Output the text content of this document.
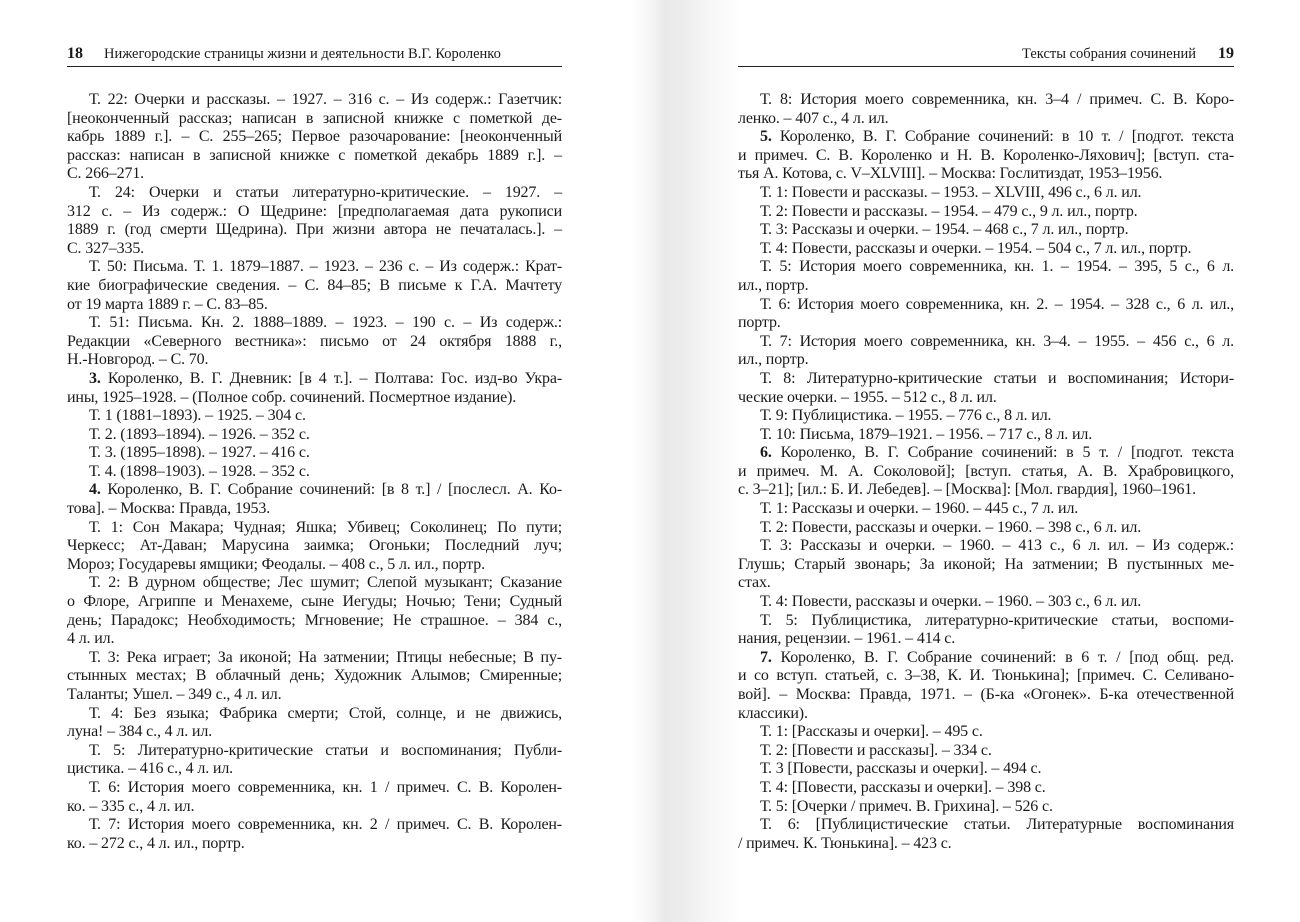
18 Нижегородские страницы жизни и деятельности В.Г. Короленко
Т. 22: Очерки и рассказы. – 1927. – 316 с. – Из содерж.: Газетчик:
[неоконченный рассказ; написан в записной книжке с пометкой де-
кабрь 1889 г.]. – С. 255–265; Первое разочарование: [неоконченный
рассказ: написан в записной книжке с пометкой декабрь 1889 г.]. –
С. 266–271.
Т. 24: Очерки и статьи литературно-критические. – 1927. –
312 с. – Из содерж.: О Щедрине: [предполагаемая дата рукописи
1889 г. (год смерти Щедрина). При жизни автора не печаталась.]. –
С. 327–335.
Т. 50: Письма. Т. 1. 1879–1887. – 1923. – 236 с. – Из содерж.: Крат-
кие биографические сведения. – С. 84–85; В письме к Г.А. Мачтету
от 19 марта 1889 г. – С. 83–85.
Т. 51: Письма. Кн. 2. 1888–1889. – 1923. – 190 с. – Из содерж.:
Редакции «Северного вестника»: письмо от 24 октября 1888 г.,
Н.-Новгород. – С. 70.
3. Короленко, В. Г. Дневник: [в 4 т.]. – Полтава: Гос. изд-во Укра-
ины, 1925–1928. – (Полное собр. сочинений. Посмертное издание).
Т. 1 (1881–1893). – 1925. – 304 с.
Т. 2. (1893–1894). – 1926. – 352 с.
Т. 3. (1895–1898). – 1927. – 416 с.
Т. 4. (1898–1903). – 1928. – 352 с.
4. Короленко, В. Г. Собрание сочинений: [в 8 т.] / [послесл. А. Ко-
това]. – Москва: Правда, 1953.
Т. 1: Сон Макара; Чудная; Яшка; Убивец; Соколинец; По пути;
Черкесс; Ат-Даван; Марусина заимка; Огоньки; Последний луч;
Мороз; Государевы ямщики; Феодалы. – 408 с., 5 л. ил., портр.
Т. 2: В дурном обществе; Лес шумит; Слепой музыкант; Сказание
о Флоре, Агриппе и Менахеме, сыне Иегуды; Ночью; Тени; Судный
день; Парадокс; Необходимость; Мгновение; Не страшное. – 384 с.,
4 л. ил.
Т. 3: Река играет; За иконой; На затмении; Птицы небесные; В пу-
стынных местах; В облачный день; Художник Алымов; Смиренные;
Таланты; Ушел. – 349 с., 4 л. ил.
Т. 4: Без языка; Фабрика смерти; Стой, солнце, и не движись,
луна! – 384 с., 4 л. ил.
Т. 5: Литературно-критические статьи и воспоминания; Публи-
цистика. – 416 с., 4 л. ил.
Т. 6: История моего современника, кн. 1 / примеч. С. В. Королен-
ко. – 335 с., 4 л. ил.
Т. 7: История моего современника, кн. 2 / примеч. С. В. Королен-
ко. – 272 с., 4 л. ил., портр.
Тексты собрания сочинений 19
Т. 8: История моего современника, кн. 3–4 / примеч. С. В. Коро-
ленко. – 407 с., 4 л. ил.
5. Короленко, В. Г. Собрание сочинений: в 10 т. / [подгот. текста
и примеч. С. В. Короленко и Н. В. Короленко-Ляхович]; [вступ. ста-
тья А. Котова, с. V–XLVIII]. – Москва: Гослитиздат, 1953–1956.
Т. 1: Повести и рассказы. – 1953. – XLVIII, 496 с., 6 л. ил.
Т. 2: Повести и рассказы. – 1954. – 479 с., 9 л. ил., портр.
Т. 3: Рассказы и очерки. – 1954. – 468 с., 7 л. ил., портр.
Т. 4: Повести, рассказы и очерки. – 1954. – 504 с., 7 л. ил., портр.
Т. 5: История моего современника, кн. 1. – 1954. – 395, 5 с., 6 л.
ил., портр.
Т. 6: История моего современника, кн. 2. – 1954. – 328 с., 6 л. ил.,
портр.
Т. 7: История моего современника, кн. 3–4. – 1955. – 456 с., 6 л.
ил., портр.
Т. 8: Литературно-критические статьи и воспоминания; Истори-
ческие очерки. – 1955. – 512 с., 8 л. ил.
Т. 9: Публицистика. – 1955. – 776 с., 8 л. ил.
Т. 10: Письма, 1879–1921. – 1956. – 717 с., 8 л. ил.
6. Короленко, В. Г. Собрание сочинений: в 5 т. / [подгот. текста
и примеч. М. А. Соколовой]; [вступ. статья, А. В. Храбровицкого,
с. 3–21]; [ил.: Б. И. Лебедев]. – [Москва]: [Мол. гвардия], 1960–1961.
Т. 1: Рассказы и очерки. – 1960. – 445 с., 7 л. ил.
Т. 2: Повести, рассказы и очерки. – 1960. – 398 с., 6 л. ил.
Т. 3: Рассказы и очерки. – 1960. – 413 с., 6 л. ил. – Из содерж.:
Глушь; Старый звонарь; За иконой; На затмении; В пустынных ме-
стах.
Т. 4: Повести, рассказы и очерки. – 1960. – 303 с., 6 л. ил.
Т. 5: Публицистика, литературно-критические статьи, воспоми-
нания, рецензии. – 1961. – 414 с.
7. Короленко, В. Г. Собрание сочинений: в 6 т. / [под общ. ред.
и со вступ. статьей, с. 3–38, К. И. Тюнькина]; [примеч. С. Селивано-
вой]. – Москва: Правда, 1971. – (Б-ка «Огонек». Б-ка отечественной
классики).
Т. 1: [Рассказы и очерки]. – 495 с.
Т. 2: [Повести и рассказы]. – 334 с.
Т. 3 [Повести, рассказы и очерки]. – 494 с.
Т. 4: [Повести, рассказы и очерки]. – 398 с.
Т. 5: [Очерки / примеч. В. Грихина]. – 526 с.
Т. 6: [Публицистические статьи. Литературные воспоминания
/ примеч. К. Тюнькина]. – 423 с.
